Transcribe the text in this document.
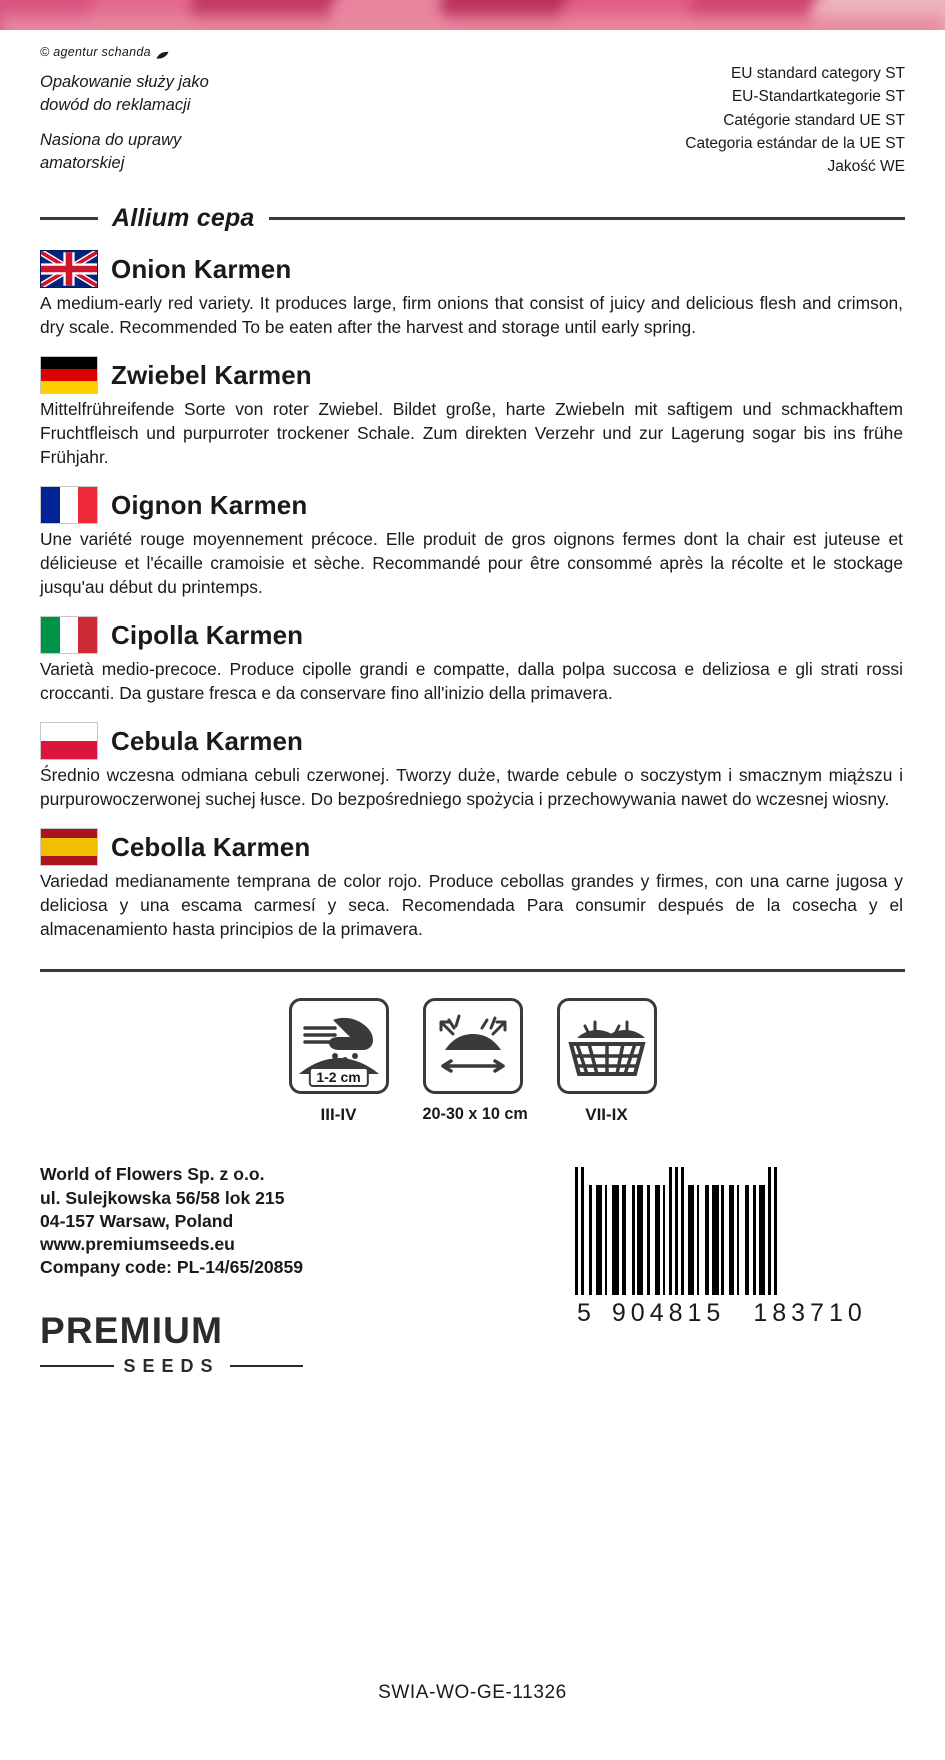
© agentur schanda

Opakowanie służy jako

dowód do reklamacji

Nasiona do uprawy

amatorskiej

EU standard category ST
EU-Standartkategorie ST
Catégorie standard UE ST
Categoria estándar de la UE ST
Jakość WE
Allium cepa
Onion Karmen

A medium-early red variety. It produces large, firm onions that consist of juicy and delicious flesh and crimson, dry scale. Recommended To be eaten after the harvest and storage until early spring.

Zwiebel Karmen

Mittelfrühreifende Sorte von roter Zwiebel. Bildet große, harte Zwiebeln mit saftigem und schmackhaftem Fruchtfleisch und purpurroter trockener Schale. Zum direkten Verzehr und zur Lagerung sogar bis ins frühe Frühjahr.

Oignon Karmen

Une variété rouge moyennement précoce. Elle produit de gros oignons fermes dont la chair est juteuse et délicieuse et l'écaille cramoisie et sèche. Recommandé pour être consommé après la récolte et le stockage jusqu'au début du printemps.

Cipolla Karmen

Varietà medio-precoce. Produce cipolle grandi e compatte, dalla polpa succosa e deliziosa e gli strati rossi croccanti. Da gustare fresca e da conservare fino all'inizio della primavera.

Cebula Karmen

Średnio wczesna odmiana cebuli czerwonej. Tworzy duże, twarde cebule o soczystym i smacznym miąższu i purpurowoczerwonej suchej łusce. Do bezpośredniego spożycia i przechowywania nawet do wczesnej wiosny.

Cebolla Karmen

Variedad medianamente temprana de color rojo. Produce cebollas grandes y firmes, con una carne jugosa y deliciosa y una escama carmesí y seca. Recomendada Para consumir después de la cosecha y el almacenamiento hasta principios de la primavera.

1-2 cm
III-IV	20-30 x 10 cm	VII-IX
World of Flowers Sp. z o.o.
ul. Sulejkowska 56/58 lok 215
04-157 Warsaw, Poland
www.premiumseeds.eu
Company code: PL-14/65/20859
PREMIUM
SEEDS
5 904815 183710
SWIA-WO-GE-11326
